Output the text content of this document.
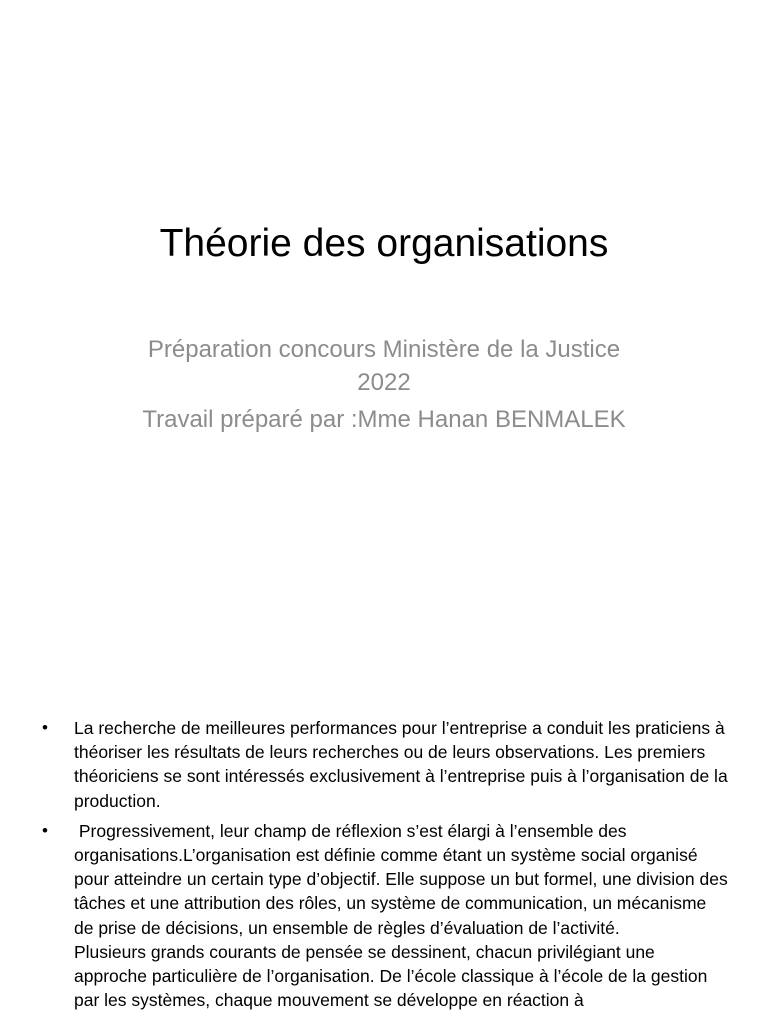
Théorie des organisations
Préparation concours Ministère de la Justice
2022
Travail préparé par :Mme Hanan BENMALEK
• La recherche de meilleures performances pour l’entreprise a conduit les praticiens à théoriser les résultats de leurs recherches ou de leurs observations. Les premiers théoriciens se sont intéressés exclusivement à l’entreprise puis à l’organisation de la production.
• Progressivement, leur champ de réflexion s’est élargi à l’ensemble des organisations.L’organisation est définie comme étant un système social organisé pour atteindre un certain type d’objectif. Elle suppose un but formel, une division des tâches et une attribution des rôles, un système de communication, un mécanisme de prise de décisions, un ensemble de règles d’évaluation de l’activité.
Plusieurs grands courants de pensée se dessinent, chacun privilégiant une approche particulière de l’organisation. De l’école classique à l’école de la gestion par les systèmes, chaque mouvement se développe en réaction à
